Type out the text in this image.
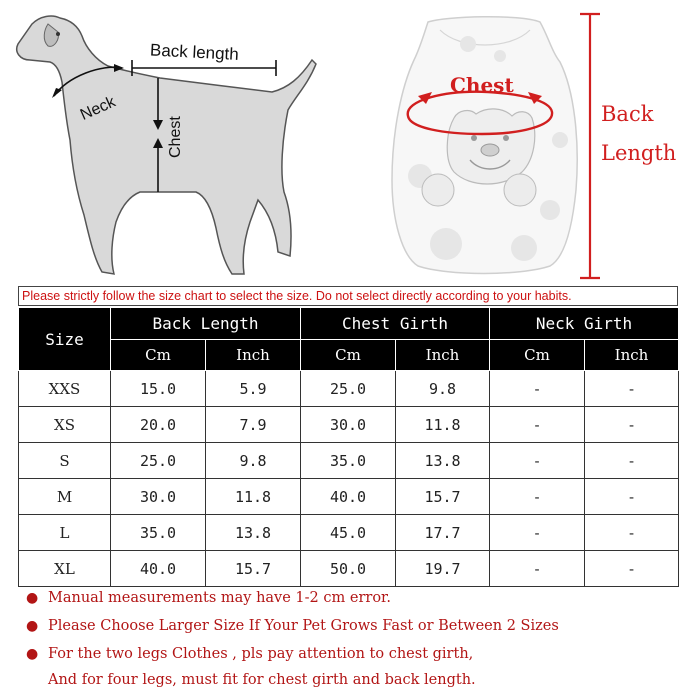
Back length
Neck
Chest
Chest
Back
Length
Please strictly follow the size chart to select the size. Do not select directly according to your habits.
Size	Back Length		Chest Girth		Neck Girth	
	Cm	Inch	Cm	Inch	Cm	Inch
XXS	15.0	5.9	25.0	9.8	-	-
XS	20.0	7.9	30.0	11.8	-	-
S	25.0	9.8	35.0	13.8	-	-
M	30.0	11.8	40.0	15.7	-	-
L	35.0	13.8	45.0	17.7	-	-
XL	40.0	15.7	50.0	19.7	-	-
● Manual measurements may have 1-2 cm error.
● Please Choose Larger Size If Your Pet Grows Fast or Between 2 Sizes
● For the two legs Clothes , pls pay attention to chest girth,
And for four legs, must fit for chest girth and back length.
